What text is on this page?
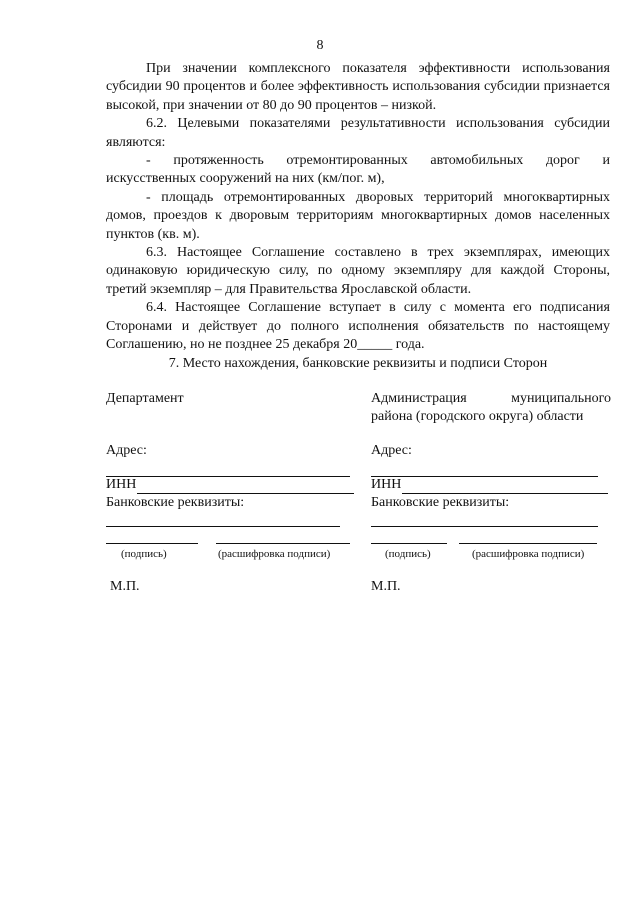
8

При значении комплексного показателя эффективности использования субсидии 90 процентов и более эффективность использования субсидии признается высокой, при значении от 80 до 90 процентов – низкой.

6.2. Целевыми показателями результативности использования субсидии являются:

- протяженность отремонтированных автомобильных дорог и

искусственных сооружений на них (км/пог. м),

- площадь отремонтированных дворовых территорий многоквартирных домов, проездов к дворовым территориям многоквартирных домов населенных пунктов (кв. м).

6.3. Настоящее Соглашение составлено в трех экземплярах, имеющих одинаковую юридическую силу, по одному экземпляру для каждой Стороны, третий экземпляр – для Правительства Ярославской области.

6.4. Настоящее Соглашение вступает в силу с момента его подписания Сторонами и действует до полного исполнения обязательств по настоящему Соглашению, но не позднее 25 декабря 20_____ года.

7. Место нахождения, банковские реквизиты и подписи Сторон

Департамент

Адрес:

ИНН

Банковские реквизиты:

(подпись)	(расшифровка подписи)

М.П.

Администрация муниципального района (городского округа) области

Адрес:

ИНН

Банковские реквизиты:

(подпись)	(расшифровка подписи)

М.П.
